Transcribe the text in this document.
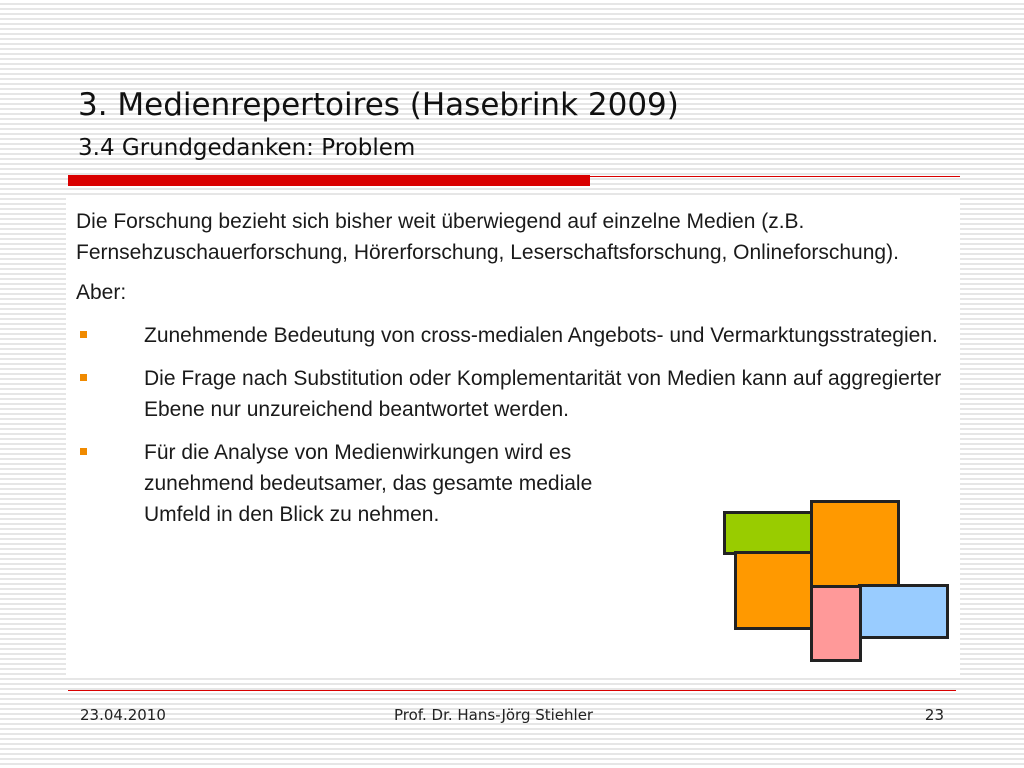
3. Medienrepertoires (Hasebrink 2009)
3.4 Grundgedanken: Problem

Die Forschung bezieht sich bisher weit überwiegend auf einzelne Medien (z.B. Fernsehzuschauerforschung, Hörerforschung, Leserschaftsforschung, Onlineforschung).

Aber:

Zunehmende Bedeutung von cross-medialen Angebots- und Vermarktungsstrategien.
Die Frage nach Substitution oder Komplementarität von Medien kann auf aggregierter Ebene nur unzureichend beantwortet werden.
Für die Analyse von Medienwirkungen wird es zunehmend bedeutsamer, das gesamte mediale Umfeld in den Blick zu nehmen.
23.04.2010	Prof. Dr. Hans-Jörg Stiehler	23
